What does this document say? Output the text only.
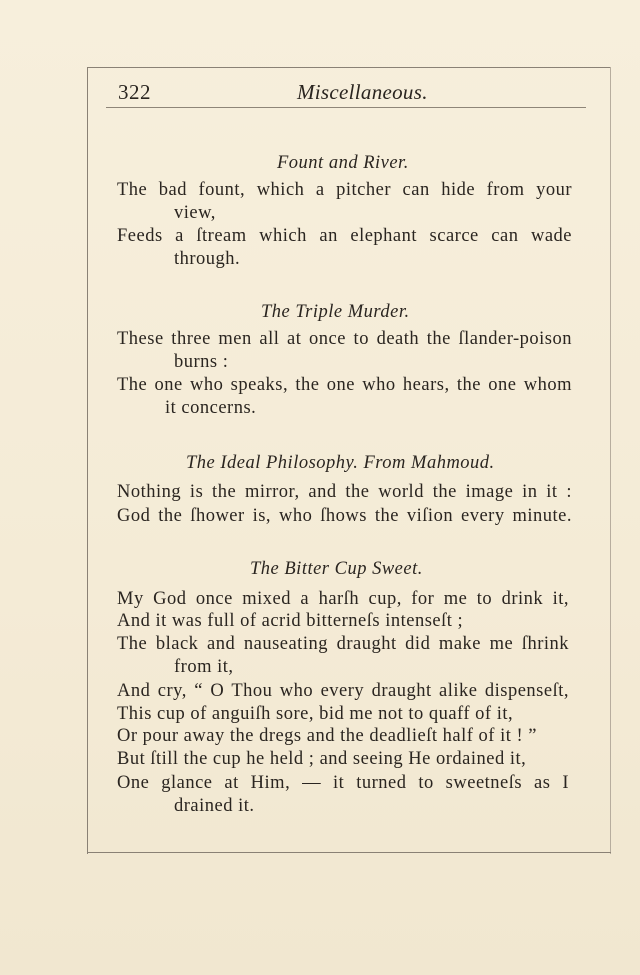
322	Miscellaneous.
Fount and River.
The bad fount, which a pitcher can hide from your
view,
Feeds a ſtream which an elephant scarce can wade
through.
The Triple Murder.
These three men all at once to death the ſlander-poison
burns :
The one who speaks, the one who hears, the one whom
it concerns.
The Ideal Philosophy. From Mahmoud.
Nothing is the mirror, and the world the image in it :
God the ſhower is, who ſhows the viſion every minute.
The Bitter Cup Sweet.
My God once mixed a harſh cup, for me to drink it,
And it was full of acrid bitterneſs intenseſt ;
The black and nauseating draught did make me ſhrink
from it,
And cry, “ O Thou who every draught alike dispenseſt,
This cup of anguiſh sore, bid me not to quaff of it,
Or pour away the dregs and the deadlieſt half of it ! ”
But ſtill the cup he held ; and seeing He ordained it,
One glance at Him, — it turned to sweetneſs as I
drained it.
